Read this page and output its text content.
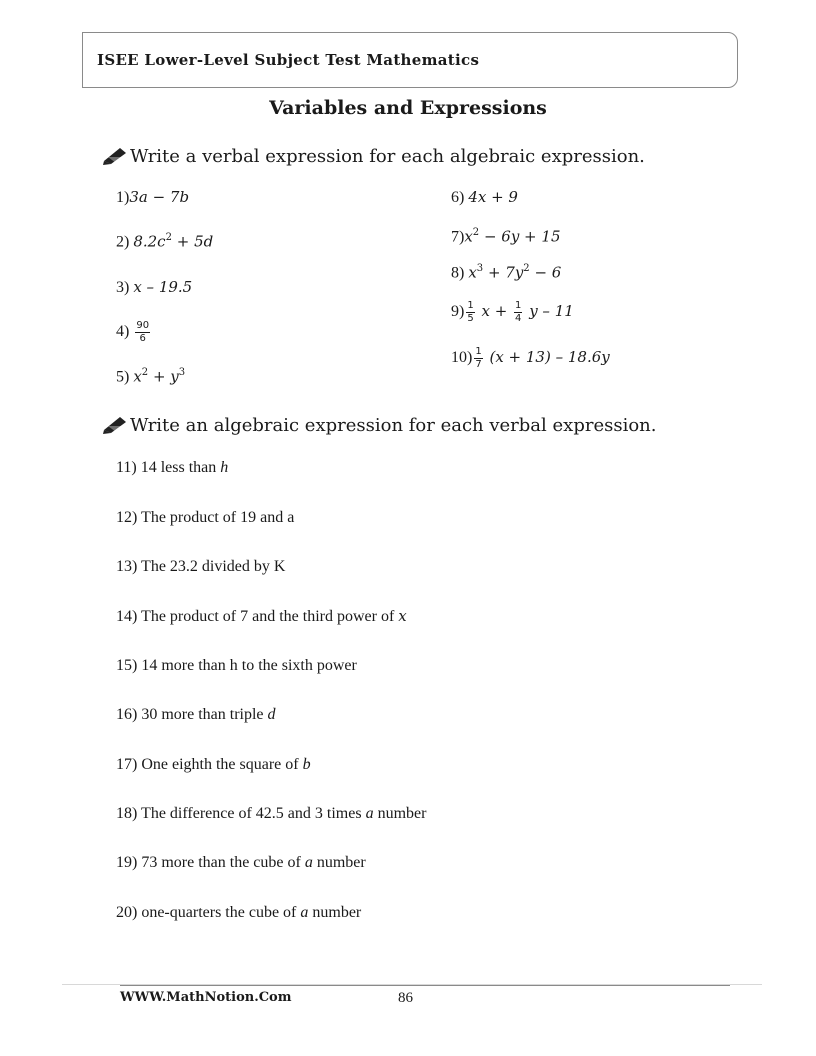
ISEE Lower-Level Subject Test Mathematics
Variables and Expressions
Write a verbal expression for each algebraic expression.
1)3a − 7b
2) $8.2c^2 + 5d$
3) x – 19.5
$4) \frac{90}{6}$
5) $x^2 + y^3$
6) 4x + 9
$7)x^2 - 6y + 15$
8) $x^3 + 7y^2 - 6$
$9) \frac{1}{5}$ $x + \frac{1}{4}$ y – 11
$10) \frac{1}{7} (x + 13) - 18.6y$
Write an algebraic expression for each verbal expression.
11) 14 less than h
12) The product of 19 and a
13) The 23.2 divided by K
14) The product of 7 and the third power of x
15) 14 more than h to the sixth power
16) 30 more than triple d
17) One eighth the square of b
18) The difference of 42.5 and 3 times a number
19) 73 more than the cube of a number
20) one-quarters the cube of a number
WWW.MathNotion.Com	86
